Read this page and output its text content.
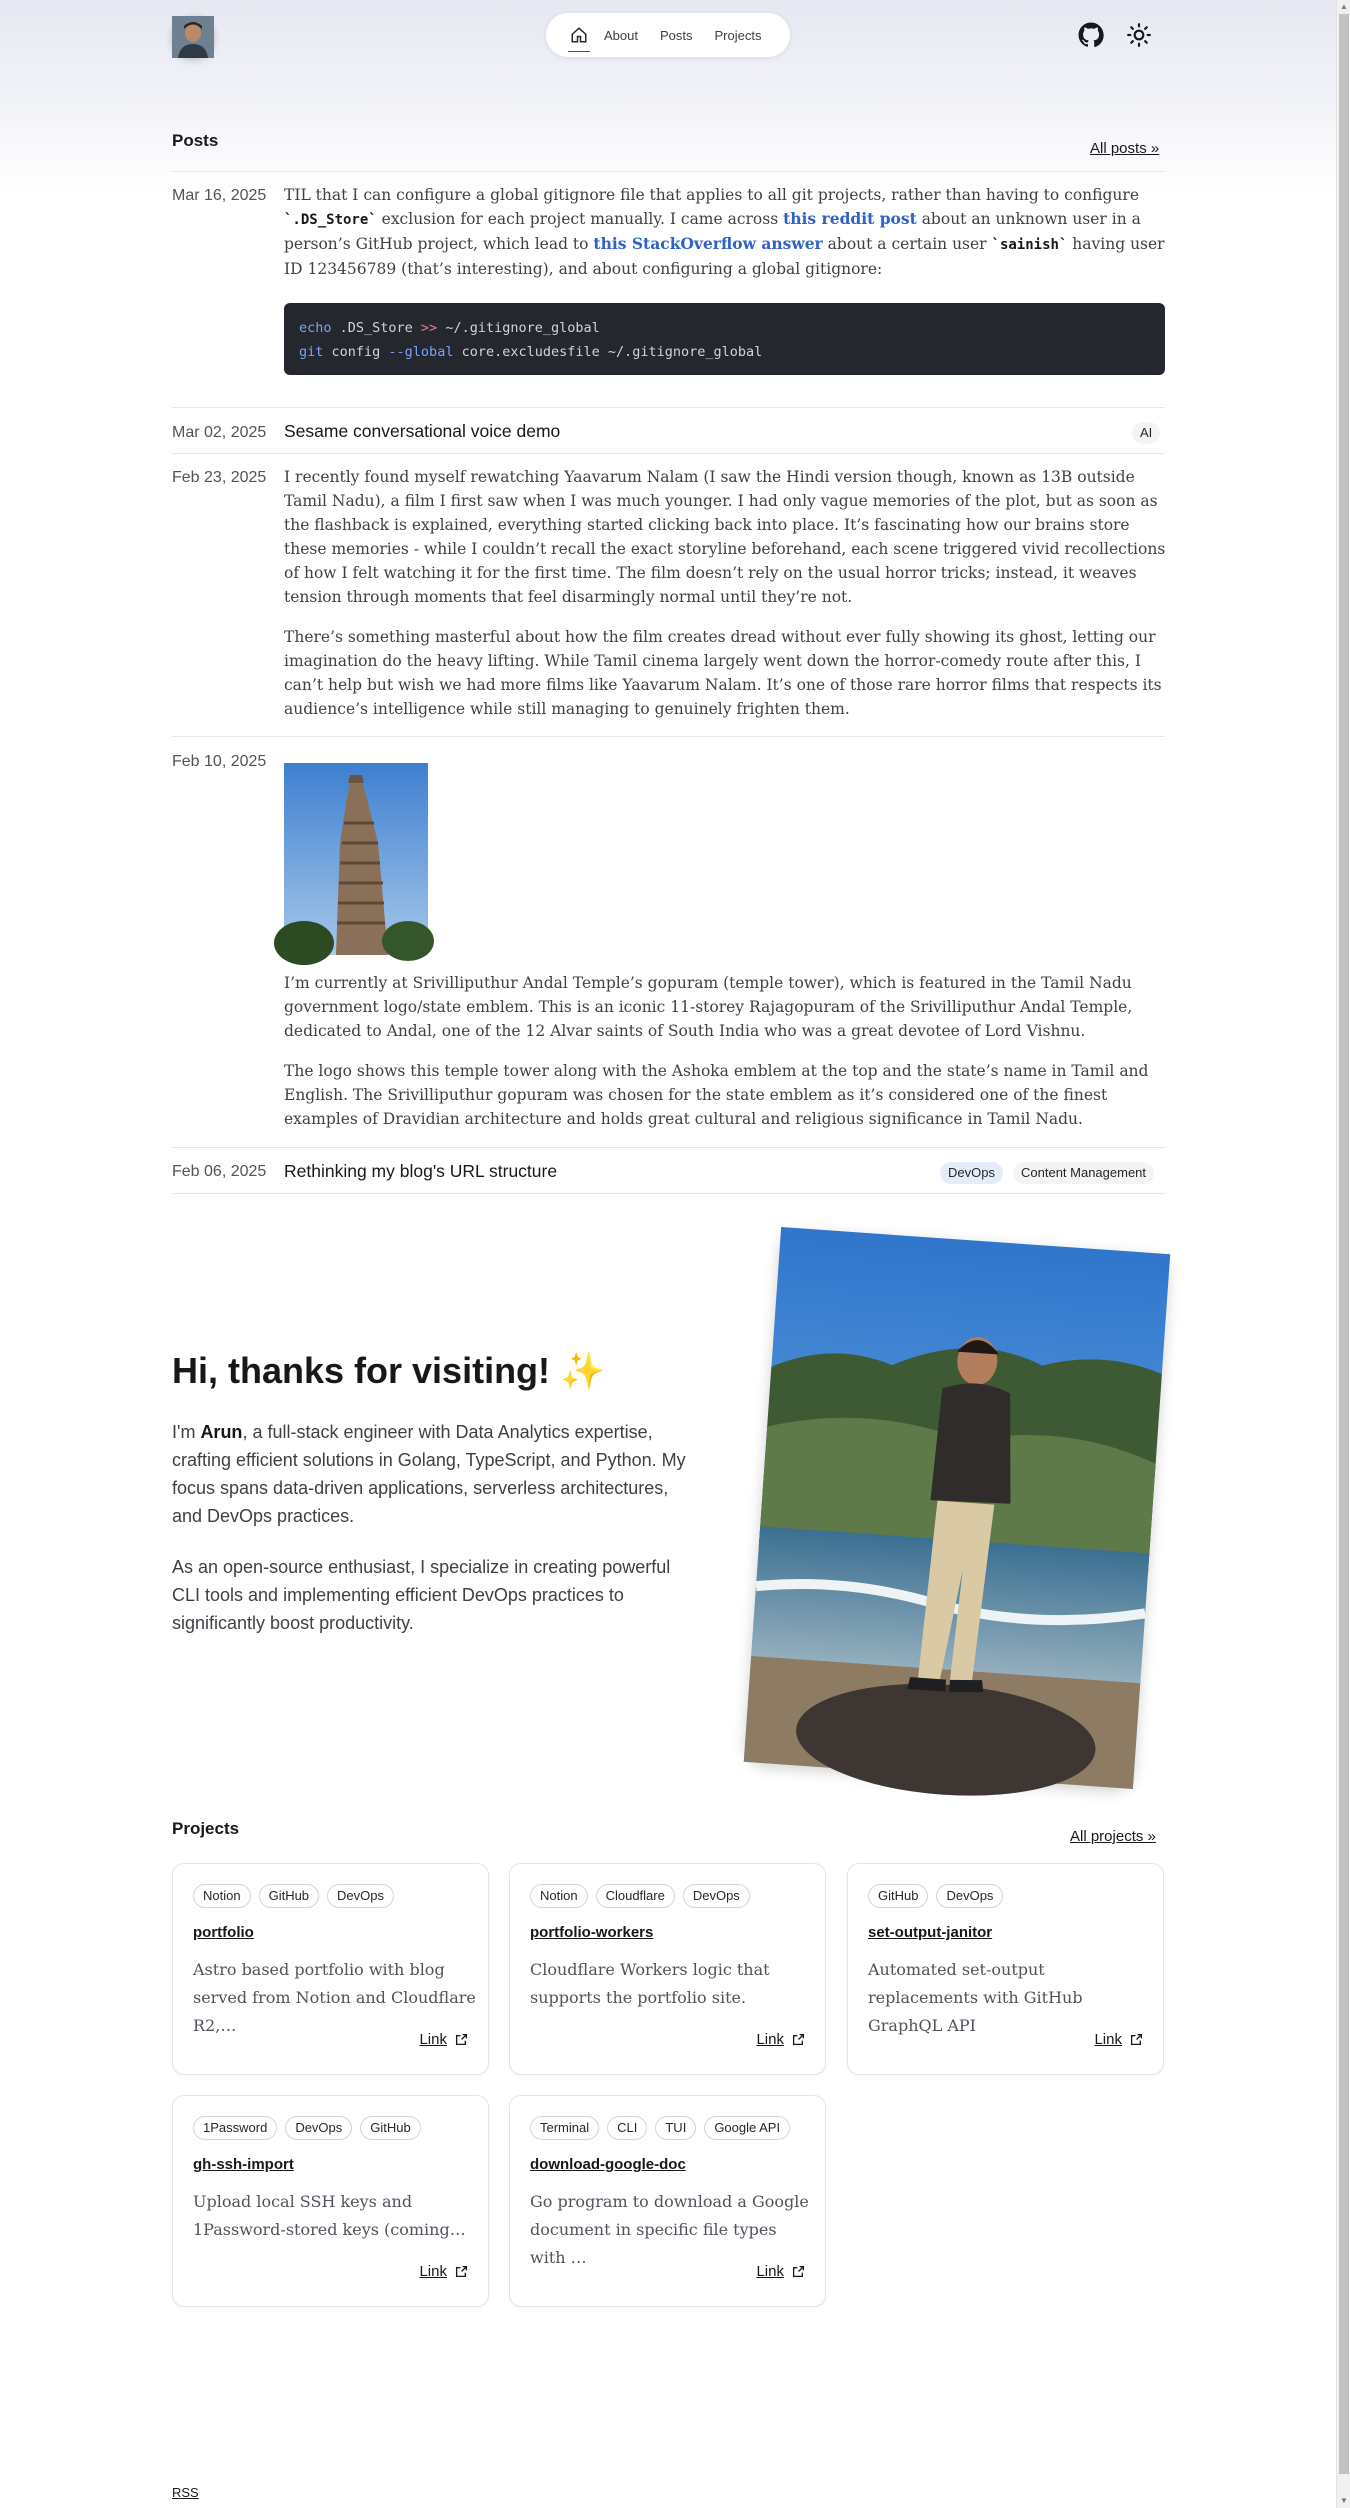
About Posts Projects
Posts	All posts »
Mar 16, 2025 TIL that I can configure a global gitignore file that applies to all git projects, rather than having to configure `.DS_Store` exclusion for each project manually. I came across this reddit post about an unknown user in a person’s GitHub project, which lead to this StackOverflow answer about a certain user `sainish` having user ID 123456789 (that’s interesting), and about configuring a global gitignore:
echo .DS_Store >> ~/.gitignore_global
git config --global core.excludesfile ~/.gitignore_global
Mar 02, 2025 Sesame conversational voice demo	AI
Feb 23, 2025 I recently found myself rewatching Yaavarum Nalam (I saw the Hindi version though, known as 13B outside Tamil Nadu), a film I first saw when I was much younger. I had only vague memories of the plot, but as soon as the flashback is explained, everything started clicking back into place. It’s fascinating how our brains store these memories - while I couldn’t recall the exact storyline beforehand, each scene triggered vivid recollections of how I felt watching it for the first time. The film doesn’t rely on the usual horror tricks; instead, it weaves tension through moments that feel disarmingly normal until they’re not.
There’s something masterful about how the film creates dread without ever fully showing its ghost, letting our imagination do the heavy lifting. While Tamil cinema largely went down the horror-comedy route after this, I can’t help but wish we had more films like Yaavarum Nalam. It’s one of those rare horror films that respects its audience’s intelligence while still managing to genuinely frighten them.
Feb 10, 2025
I’m currently at Srivilliputhur Andal Temple’s gopuram (temple tower), which is featured in the Tamil Nadu government logo/state emblem. This is an iconic 11-storey Rajagopuram of the Srivilliputhur Andal Temple, dedicated to Andal, one of the 12 Alvar saints of South India who was a great devotee of Lord Vishnu.
The logo shows this temple tower along with the Ashoka emblem at the top and the state’s name in Tamil and English. The Srivilliputhur gopuram was chosen for the state emblem as it’s considered one of the finest examples of Dravidian architecture and holds great cultural and religious significance in Tamil Nadu.
Feb 06, 2025 Rethinking my blog's URL structure	DevOps	Content Management
Hi, thanks for visiting! ✨
I'm Arun, a full-stack engineer with Data Analytics expertise, crafting efficient solutions in Golang, TypeScript, and Python. My focus spans data-driven applications, serverless architectures, and DevOps practices.
As an open-source enthusiast, I specialize in creating powerful CLI tools and implementing efficient DevOps practices to significantly boost productivity.
Projects	All projects »
Notion	GitHub	DevOps
portfolio
Astro based portfolio with blog served from Notion and Cloudflare R2,…
Link
Notion	Cloudflare	DevOps
portfolio-workers
Cloudflare Workers logic that supports the portfolio site.
Link
GitHub	DevOps
set-output-janitor
Automated set-output replacements with GitHub GraphQL API
Link
1Password	DevOps	GitHub
gh-ssh-import
Upload local SSH keys and 1Password-stored keys (coming…
Link
Terminal	CLI	TUI	Google API
download-google-doc
Go program to download a Google document in specific file types with …
Link
RSS
▲
▼
